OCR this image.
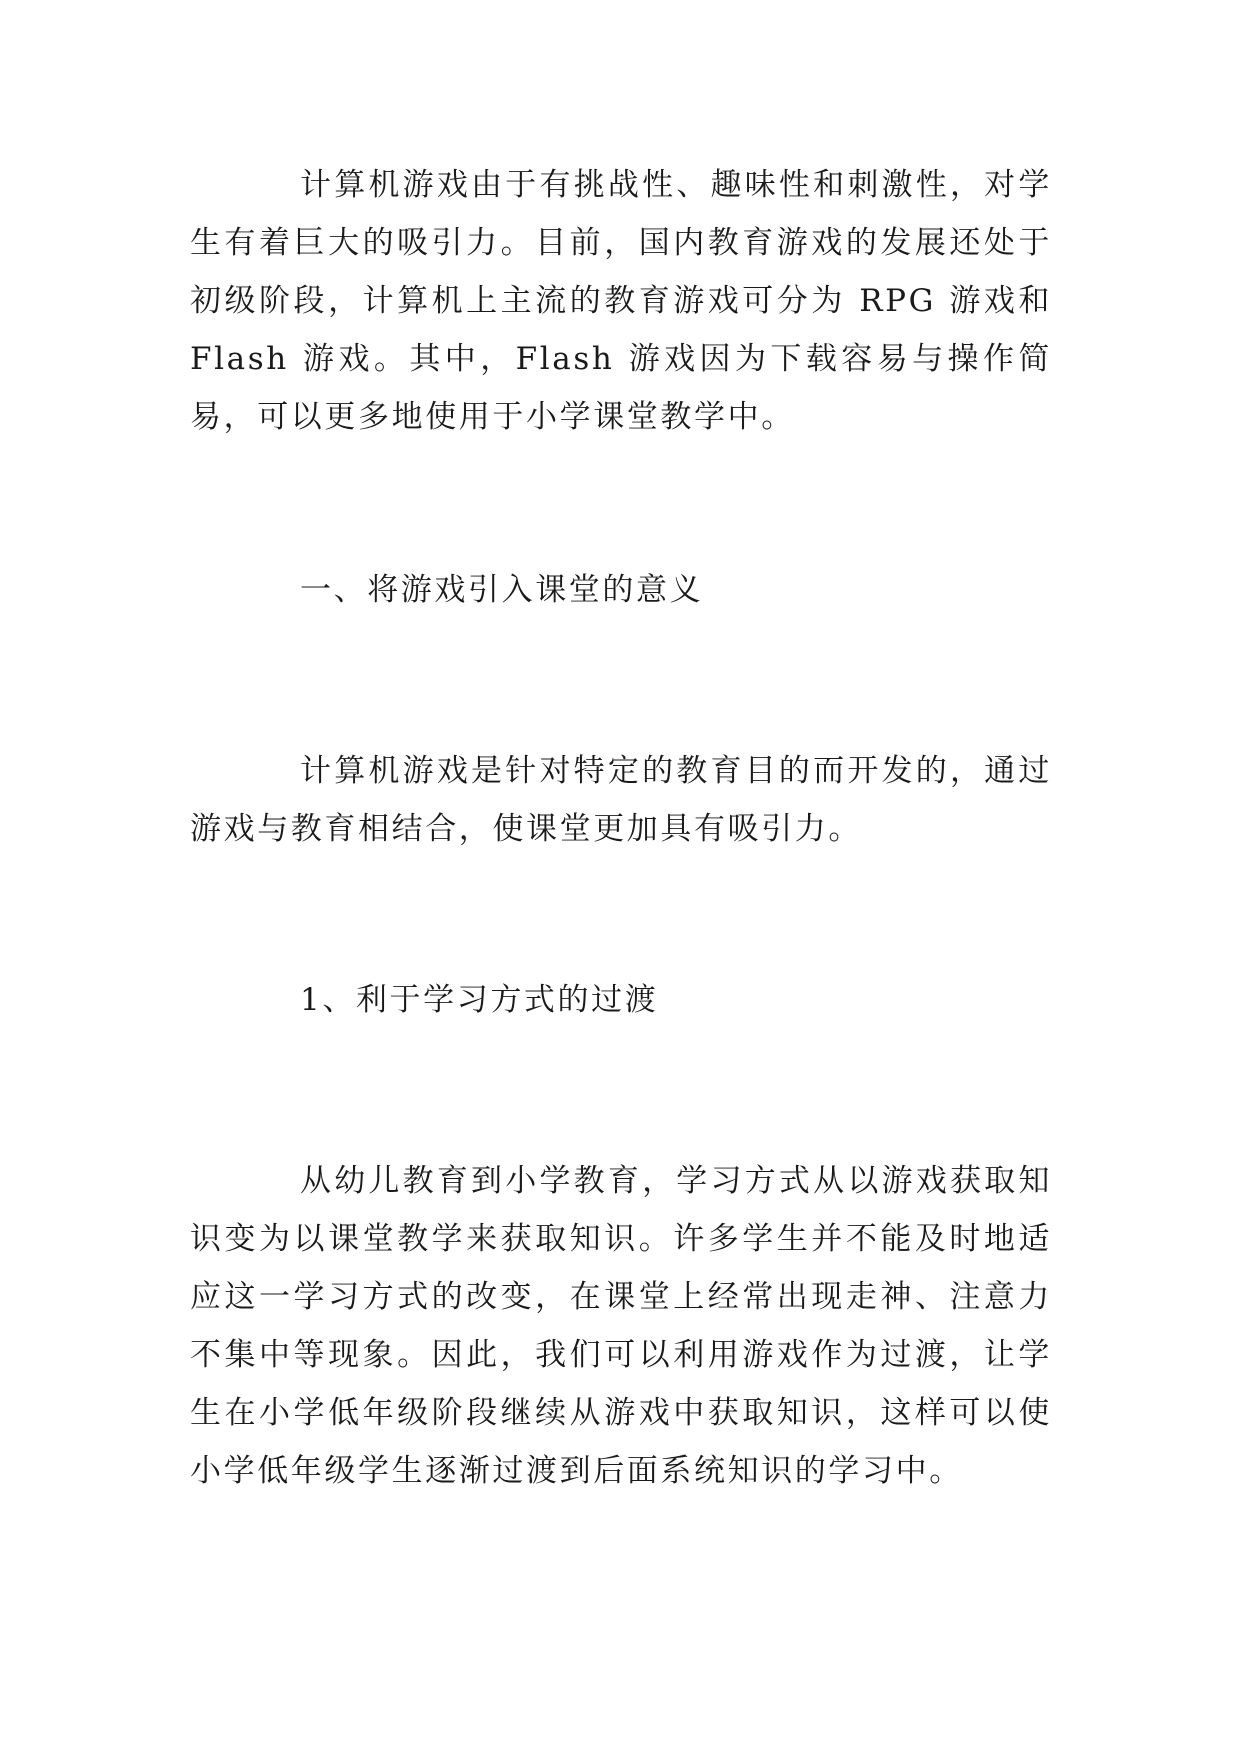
计算机游戏由于有挑战性、趣味性和刺激性，对学生有着巨大的吸引力。目前，国内教育游戏的发展还处于初级阶段，计算机上主流的教育游戏可分为 RPG 游戏和 Flash 游戏。其中，Flash 游戏因为下载容易与操作简易，可以更多地使用于小学课堂教学中。

一、将游戏引入课堂的意义

计算机游戏是针对特定的教育目的而开发的，通过游戏与教育相结合，使课堂更加具有吸引力。

1、利于学习方式的过渡

从幼儿教育到小学教育，学习方式从以游戏获取知识变为以课堂教学来获取知识。许多学生并不能及时地适应这一学习方式的改变，在课堂上经常出现走神、注意力不集中等现象。因此，我们可以利用游戏作为过渡，让学生在小学低年级阶段继续从游戏中获取知识，这样可以使小学低年级学生逐渐过渡到后面系统知识的学习中。
